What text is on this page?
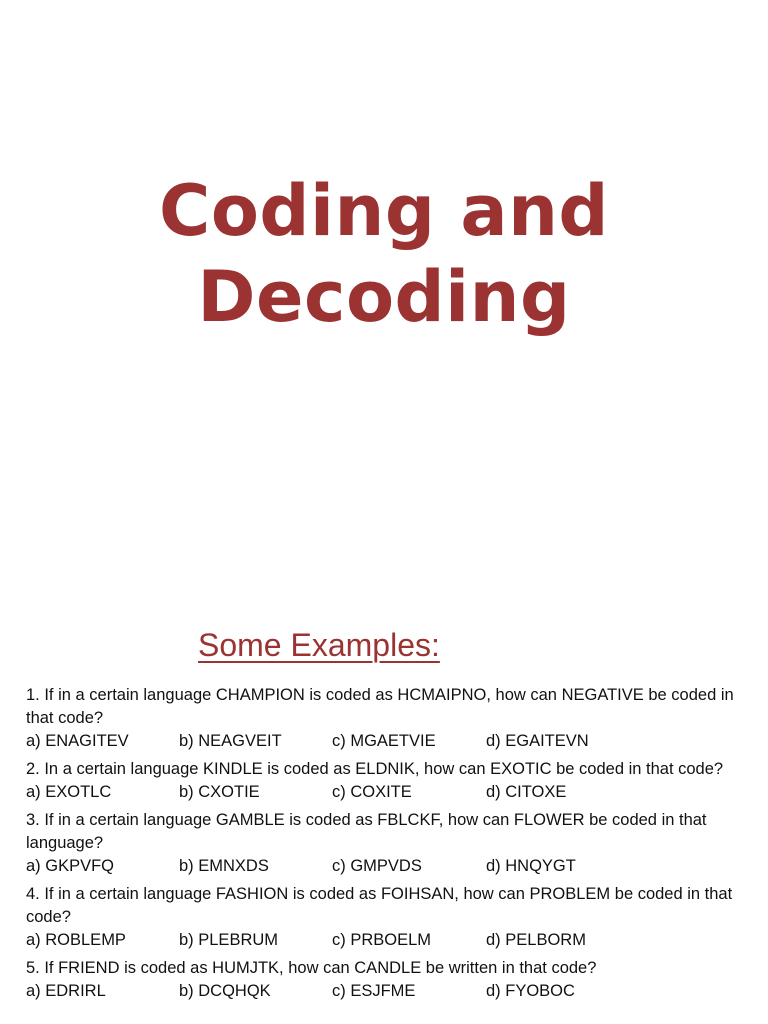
Coding and
Decoding
Some Examples:
1. If in a certain language CHAMPION is coded as HCMAIPNO, how can NEGATIVE be coded in that code?
a) ENAGITEV	b) NEAGVEIT	c) MGAETVIE	d) EGAITEVN
2. In a certain language KINDLE is coded as ELDNIK, how can EXOTIC be coded in that code?
a) EXOTLC	b) CXOTIE	c) COXITE	d) CITOXE
3. If in a certain language GAMBLE is coded as FBLCKF, how can FLOWER be coded in that language?
a) GKPVFQ	b) EMNXDS	c) GMPVDS	d) HNQYGT
4. If in a certain language FASHION is coded as FOIHSAN, how can PROBLEM be coded in that code?
a) ROBLEMP	b) PLEBRUM	c) PRBOELM	d) PELBORM
5. If FRIEND is coded as HUMJTK, how can CANDLE be written in that code?
a) EDRIRL	b) DCQHQK	c) ESJFME	d) FYOBOC
